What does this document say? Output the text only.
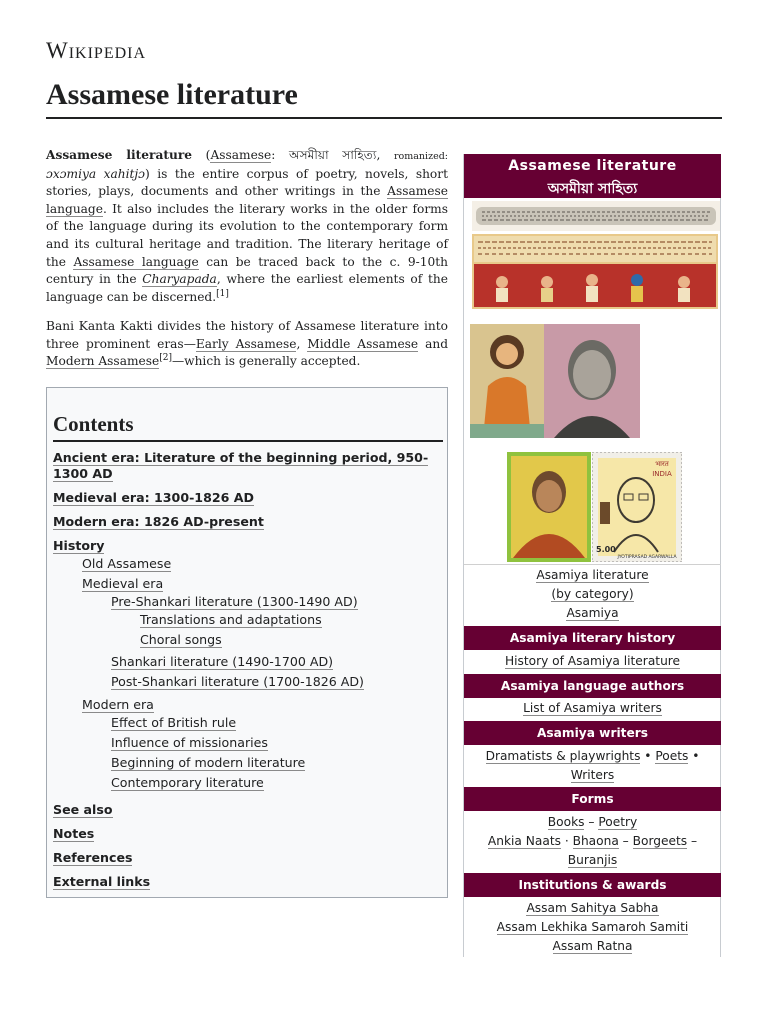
Wikipedia
Assamese literature

Assamese literature (Assamese: অসমীয়া সাহিত্য, romanized: ɔxɔmiya xahitjɔ) is the entire corpus of poetry, novels, short stories, plays, documents and other writings in the Assamese language. It also includes the literary works in the older forms of the language during its evolution to the contemporary form and its cultural heritage and tradition. The literary heritage of the Assamese language can be traced back to the c. 9-10th century in the Charyapada, where the earliest elements of the language can be discerned.[1]

Bani Kanta Kakti divides the history of Assamese literature into three prominent eras—Early Assamese, Middle Assamese and Modern Assamese[2]—which is generally accepted.

Contents
Ancient era: Literature of the beginning period, 950-
1300 AD
Medieval era: 1300-1826 AD
Modern era: 1826 AD-present
History
Old Assamese
Medieval era
Pre-Shankari literature (1300-1490 AD)
Translations and adaptations
Choral songs
Shankari literature (1490-1700 AD)
Post-Shankari literature (1700-1826 AD)
Modern era
Effect of British rule
Influence of missionaries
Beginning of modern literature
Contemporary literature
See also
Notes
References
External links
Assamese literature
অসমীয়া সাহিত্য
भारत
INDIA
5.00
JYOTIPRASAD AGARWALLA
Asamiya literature
(by category)
Asamiya
Asamiya literary history
History of Asamiya literature
Asamiya language authors
List of Asamiya writers
Asamiya writers
Dramatists & playwrights • Poets •
Writers
Forms
Books – Poetry
Ankia Naats · Bhaona – Borgeets –
Buranjis
Institutions & awards
Assam Sahitya Sabha
Assam Lekhika Samaroh Samiti
Assam Ratna
